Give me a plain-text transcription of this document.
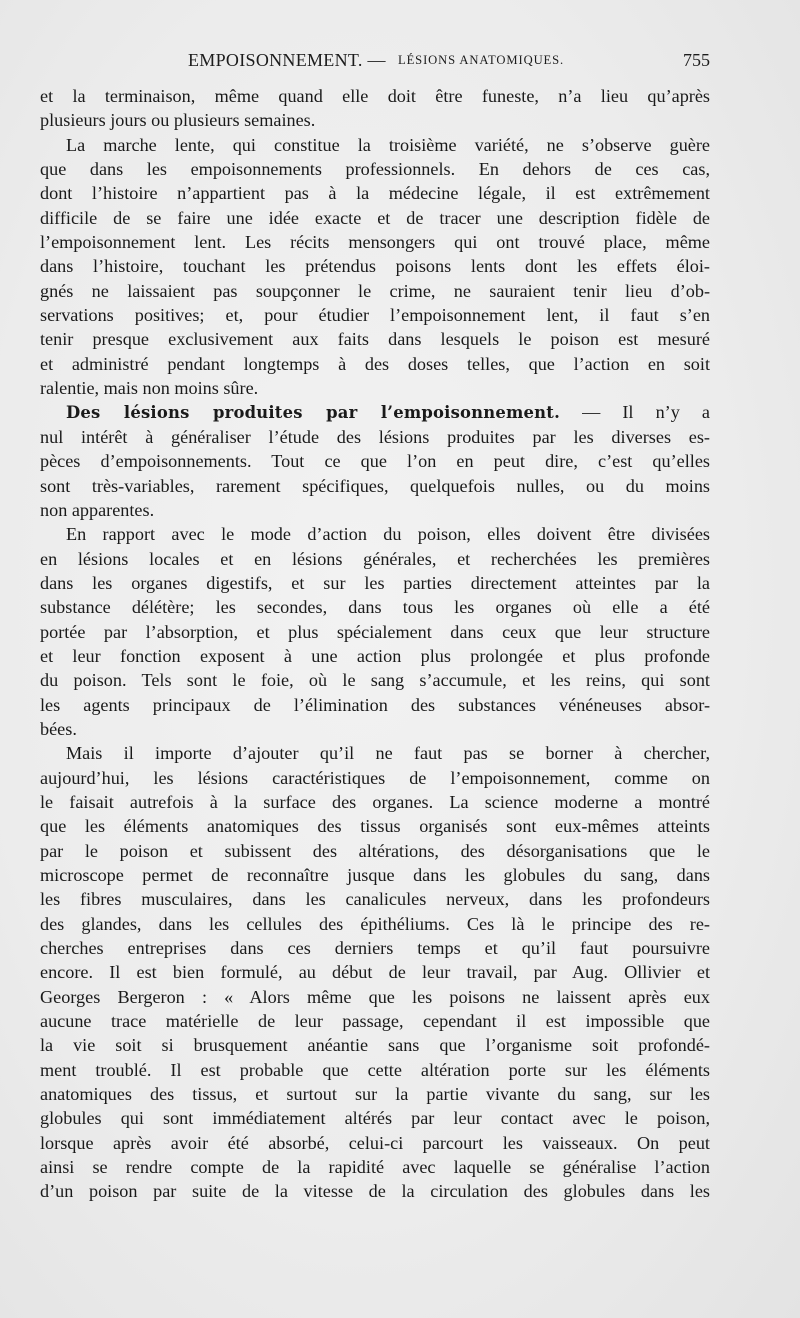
EMPOISONNEMENT. — LÉSIONS ANATOMIQUES.	755
et la terminaison, même quand elle doit être funeste, n’a lieu qu’après
plusieurs jours ou plusieurs semaines.
La marche lente, qui constitue la troisième variété, ne s’observe guère
que dans les empoisonnements professionnels. En dehors de ces cas,
dont l’histoire n’appartient pas à la médecine légale, il est extrêmement
difficile de se faire une idée exacte et de tracer une description fidèle de
l’empoisonnement lent. Les récits mensongers qui ont trouvé place, même
dans l’histoire, touchant les prétendus poisons lents dont les effets éloi-
gnés ne laissaient pas soupçonner le crime, ne sauraient tenir lieu d’ob-
servations positives; et, pour étudier l’empoisonnement lent, il faut s’en
tenir presque exclusivement aux faits dans lesquels le poison est mesuré
et administré pendant longtemps à des doses telles, que l’action en soit
ralentie, mais non moins sûre.
Des lésions produites par l’empoisonnement. — Il n’y a
nul intérêt à généraliser l’étude des lésions produites par les diverses es-
pèces d’empoisonnements. Tout ce que l’on en peut dire, c’est qu’elles
sont très-variables, rarement spécifiques, quelquefois nulles, ou du moins
non apparentes.
En rapport avec le mode d’action du poison, elles doivent être divisées
en lésions locales et en lésions générales, et recherchées les premières
dans les organes digestifs, et sur les parties directement atteintes par la
substance délétère; les secondes, dans tous les organes où elle a été
portée par l’absorption, et plus spécialement dans ceux que leur structure
et leur fonction exposent à une action plus prolongée et plus profonde
du poison. Tels sont le foie, où le sang s’accumule, et les reins, qui sont
les agents principaux de l’élimination des substances vénéneuses absor-
bées.
Mais il importe d’ajouter qu’il ne faut pas se borner à chercher,
aujourd’hui, les lésions caractéristiques de l’empoisonnement, comme on
le faisait autrefois à la surface des organes. La science moderne a montré
que les éléments anatomiques des tissus organisés sont eux-mêmes atteints
par le poison et subissent des altérations, des désorganisations que le
microscope permet de reconnaître jusque dans les globules du sang, dans
les fibres musculaires, dans les canalicules nerveux, dans les profondeurs
des glandes, dans les cellules des épithéliums. Ces là le principe des re-
cherches entreprises dans ces derniers temps et qu’il faut poursuivre
encore. Il est bien formulé, au début de leur travail, par Aug. Ollivier et
Georges Bergeron : « Alors même que les poisons ne laissent après eux
aucune trace matérielle de leur passage, cependant il est impossible que
la vie soit si brusquement anéantie sans que l’organisme soit profondé-
ment troublé. Il est probable que cette altération porte sur les éléments
anatomiques des tissus, et surtout sur la partie vivante du sang, sur les
globules qui sont immédiatement altérés par leur contact avec le poison,
lorsque après avoir été absorbé, celui-ci parcourt les vaisseaux. On peut
ainsi se rendre compte de la rapidité avec laquelle se généralise l’action
d’un poison par suite de la vitesse de la circulation des globules dans les
